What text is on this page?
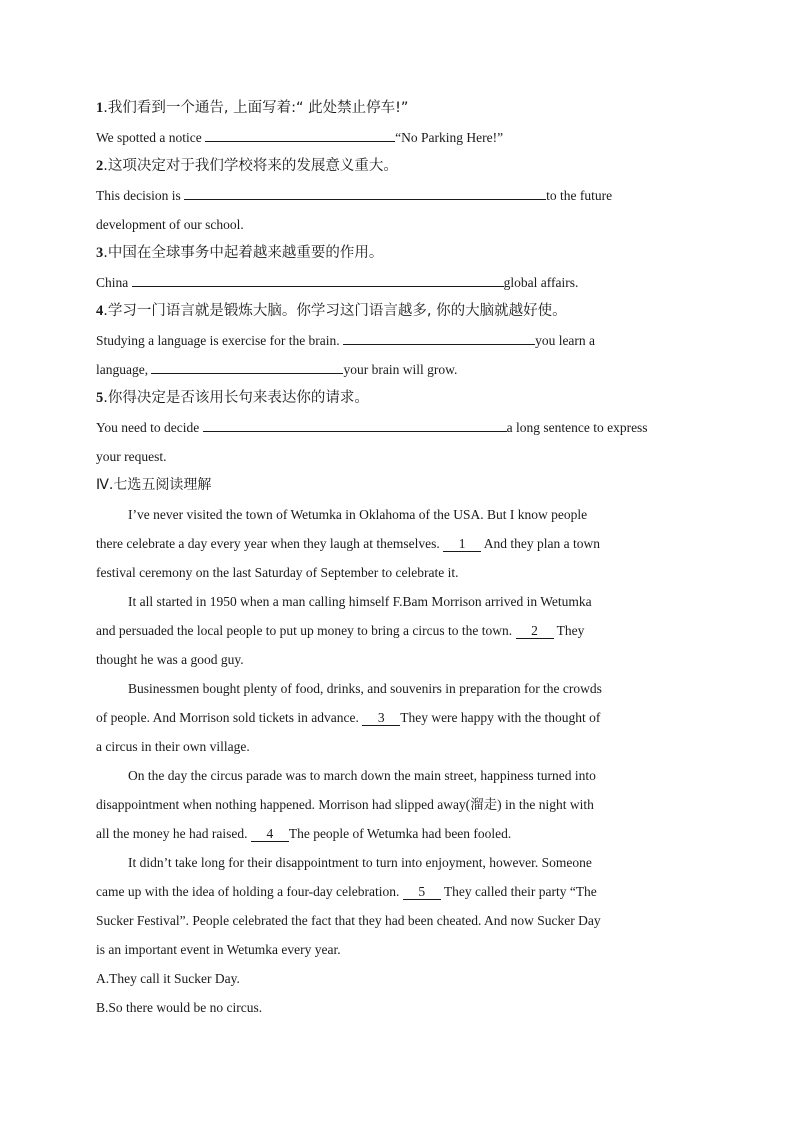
1.我们看到一个通告, 上面写着:“ 此处禁止停车!”
We spotted a notice	“No Parking Here!”
2.这项决定对于我们学校将来的发展意义重大。
This decision is	to the future
development of our school.
3.中国在全球事务中起着越来越重要的作用。
China	global affairs.
4.学习一门语言就是锻炼大脑。你学习这门语言越多, 你的大脑就越好使。
Studying a language is exercise for the brain.	you learn a
language,	your brain will grow.
5.你得决定是否该用长句来表达你的请求。
You need to decide	a long sentence to express
your request.
Ⅳ.七选五阅读理解
I’ve never visited the town of Wetumka in Oklahoma of the USA. But I know people
there celebrate a day every year when they laugh at themselves. 1 And they plan a town
festival ceremony on the last Saturday of September to celebrate it.
It all started in 1950 when a man calling himself F.Bam Morrison arrived in Wetumka
and persuaded the local people to put up money to bring a circus to the town. 2 They
thought he was a good guy.
Businessmen bought plenty of food, drinks, and souvenirs in preparation for the crowds
of people. And Morrison sold tickets in advance. 3 They were happy with the thought of
a circus in their own village.
On the day the circus parade was to march down the main street, happiness turned into
disappointment when nothing happened. Morrison had slipped away(溜走) in the night with
all the money he had raised. 4 The people of Wetumka had been fooled.
It didn’t take long for their disappointment to turn into enjoyment, however. Someone
came up with the idea of holding a four-day celebration. 5 They called their party “The
Sucker Festival”. People celebrated the fact that they had been cheated. And now Sucker Day
is an important event in Wetumka every year.
A.They call it Sucker Day.
B.So there would be no circus.
